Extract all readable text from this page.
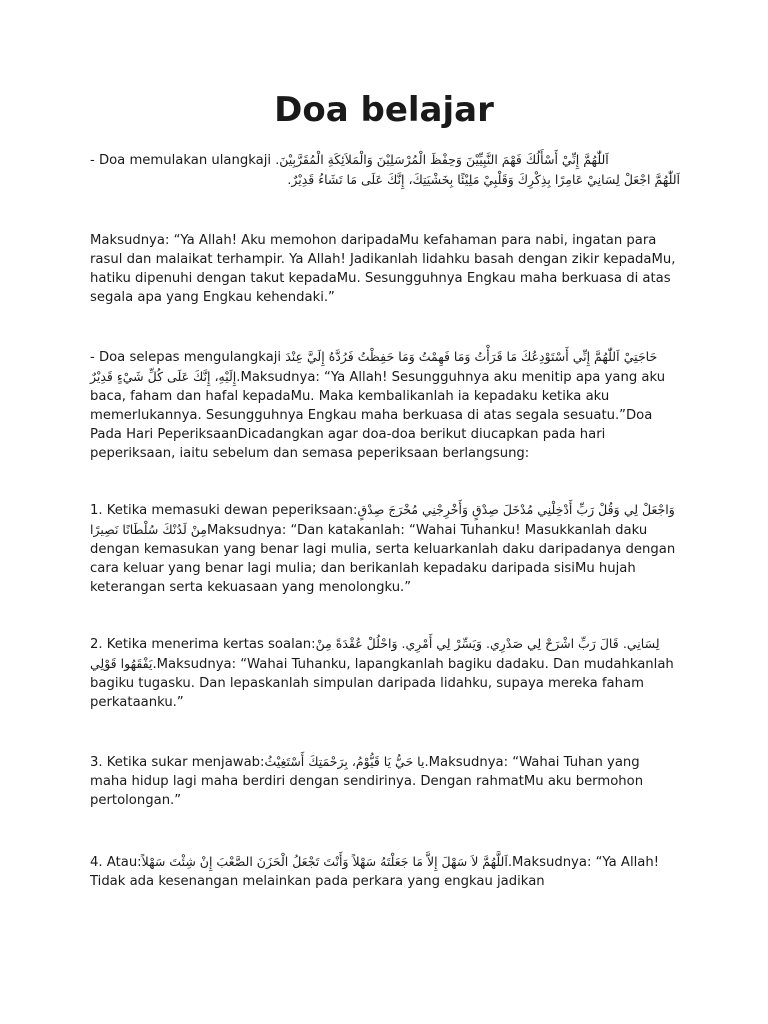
Doa belajar
- Doa memulakan ulangkaji اَللّٰهُمَّ إِنِّيْ أَسْأَلُكَ فَهْمَ النَّبِيِّيْنَ وَحِفْظَ الْمُرْسَلِيْنَ وَالْمَلاَئِكَةِ الْمُقَرَّبِيْنَ.
اَللّٰهُمَّ اجْعَلْ لِسَانِيْ عَامِرًا بِذِكْرِكَ وَقَلْبِيْ مَلِيْئًا بِخَشْيَتِكَ، إِنَّكَ عَلَى مَا تَشَاءُ قَدِيْرٌ.

Maksudnya: “Ya Allah! Aku memohon daripadaMu kefahaman para nabi, ingatan para rasul dan malaikat terhampir. Ya Allah! Jadikanlah lidahku basah dengan zikir kepadaMu, hatiku dipenuhi dengan takut kepadaMu. Sesungguhnya Engkau maha berkuasa di atas segala apa yang Engkau kehendaki.”

- Doa selepas mengulangkaji اَللّٰهُمَّ إِنِّي أَسْتَوْدِعُكَ مَا قَرَأْتُ وَمَا فَهِمْتُ وَمَا حَفِظْتُ فَرُدَّهُ إِلَيَّ عِنْدَ حَاجَتِيْ إِلَيْهِ، إِنَّكَ عَلَى كُلِّ شَيْءٍ قَدِيْرٌ.Maksudnya: “Ya Allah! Sesungguhnya aku menitip apa yang aku baca, faham dan hafal kepadaMu. Maka kembalikanlah ia kepadaku ketika aku memerlukannya. Sesungguhnya Engkau maha berkuasa di atas segala sesuatu.”Doa Pada Hari PeperiksaanDicadangkan agar doa-doa berikut diucapkan pada hari peperiksaan, iaitu sebelum dan semasa peperiksaan berlangsung:
1. Ketika memasuki dewan peperiksaan:وَقُلْ رَبِّ أَدْخِلْنِي مُدْخَلَ صِدْقٍ وَأَخْرِجْنِي مُخْرَجَ صِدْقٍ وَاجْعَلْ لِي مِنْ لَدُنْكَ سُلْطَانًا نَصِيرًاMaksudnya: “Dan katakanlah: “Wahai Tuhanku! Masukkanlah daku dengan kemasukan yang benar lagi mulia, serta keluarkanlah daku daripadanya dengan cara keluar yang benar lagi mulia; dan berikanlah kepadaku daripada sisiMu hujah keterangan serta kekuasaan yang menolongku.”
2. Ketika menerima kertas soalan:قَالَ رَبِّ اشْرَحْ لِي صَدْرِي. وَيَسِّرْ لِي أَمْرِي. وَاحْلُلْ عُقْدَةً مِنْ لِسَانِي. يَفْقَهُوا قَوْلِي.Maksudnya: “Wahai Tuhanku, lapangkanlah bagiku dadaku. Dan mudahkanlah bagiku tugasku. Dan lepaskanlah simpulan daripada lidahku, supaya mereka faham perkataanku.”
3. Ketika sukar menjawab:يا حَيُّ يَا قَيُّوْمُ، بِرَحْمَتِكَ أَسْتَغِيْثُ.Maksudnya: “Wahai Tuhan yang maha hidup lagi maha berdiri dengan sendirinya. Dengan rahmatMu aku bermohon pertolongan.”
4. Atau:اَللَّهُمَّ لاَ سَهْلَ إِلاَّ مَا جَعَلْتَهُ سَهْلاً وَأَنْتَ تَجْعَلُ الْحَزَنَ الصَّعْبَ إِنْ شِئْتَ سَهْلاً.Maksudnya: “Ya Allah! Tidak ada kesenangan melainkan pada perkara yang engkau jadikan
